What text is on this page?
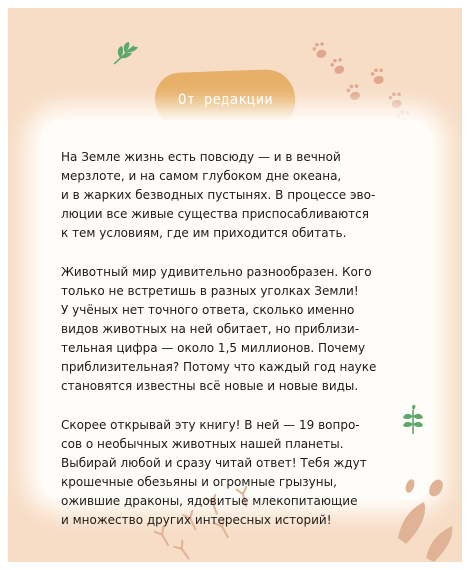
От редакции

На Земле жизнь есть повсюду — и в вечной
мерзлоте, и на самом глубоком дне океана,
и в жарких безводных пустынях. В процессе эво-
люции все живые существа приспосабливаются
к тем условиям, где им приходится обитать.

Животный мир удивительно разнообразен. Кого
только не встретишь в разных уголках Земли!
У учёных нет точного ответа, сколько именно
видов животных на ней обитает, но приблизи-
тельная цифра — около 1,5 миллионов. Почему
приблизительная? Потому что каждый год науке
становятся известны всё новые и новые виды.

Скорее открывай эту книгу! В ней — 19 вопро-
сов о необычных животных нашей планеты.
Выбирай любой и сразу читай ответ! Тебя ждут
крошечные обезьяны и огромные грызуны,
ожившие драконы, ядовитые млекопитающие
и множество других интересных историй!
